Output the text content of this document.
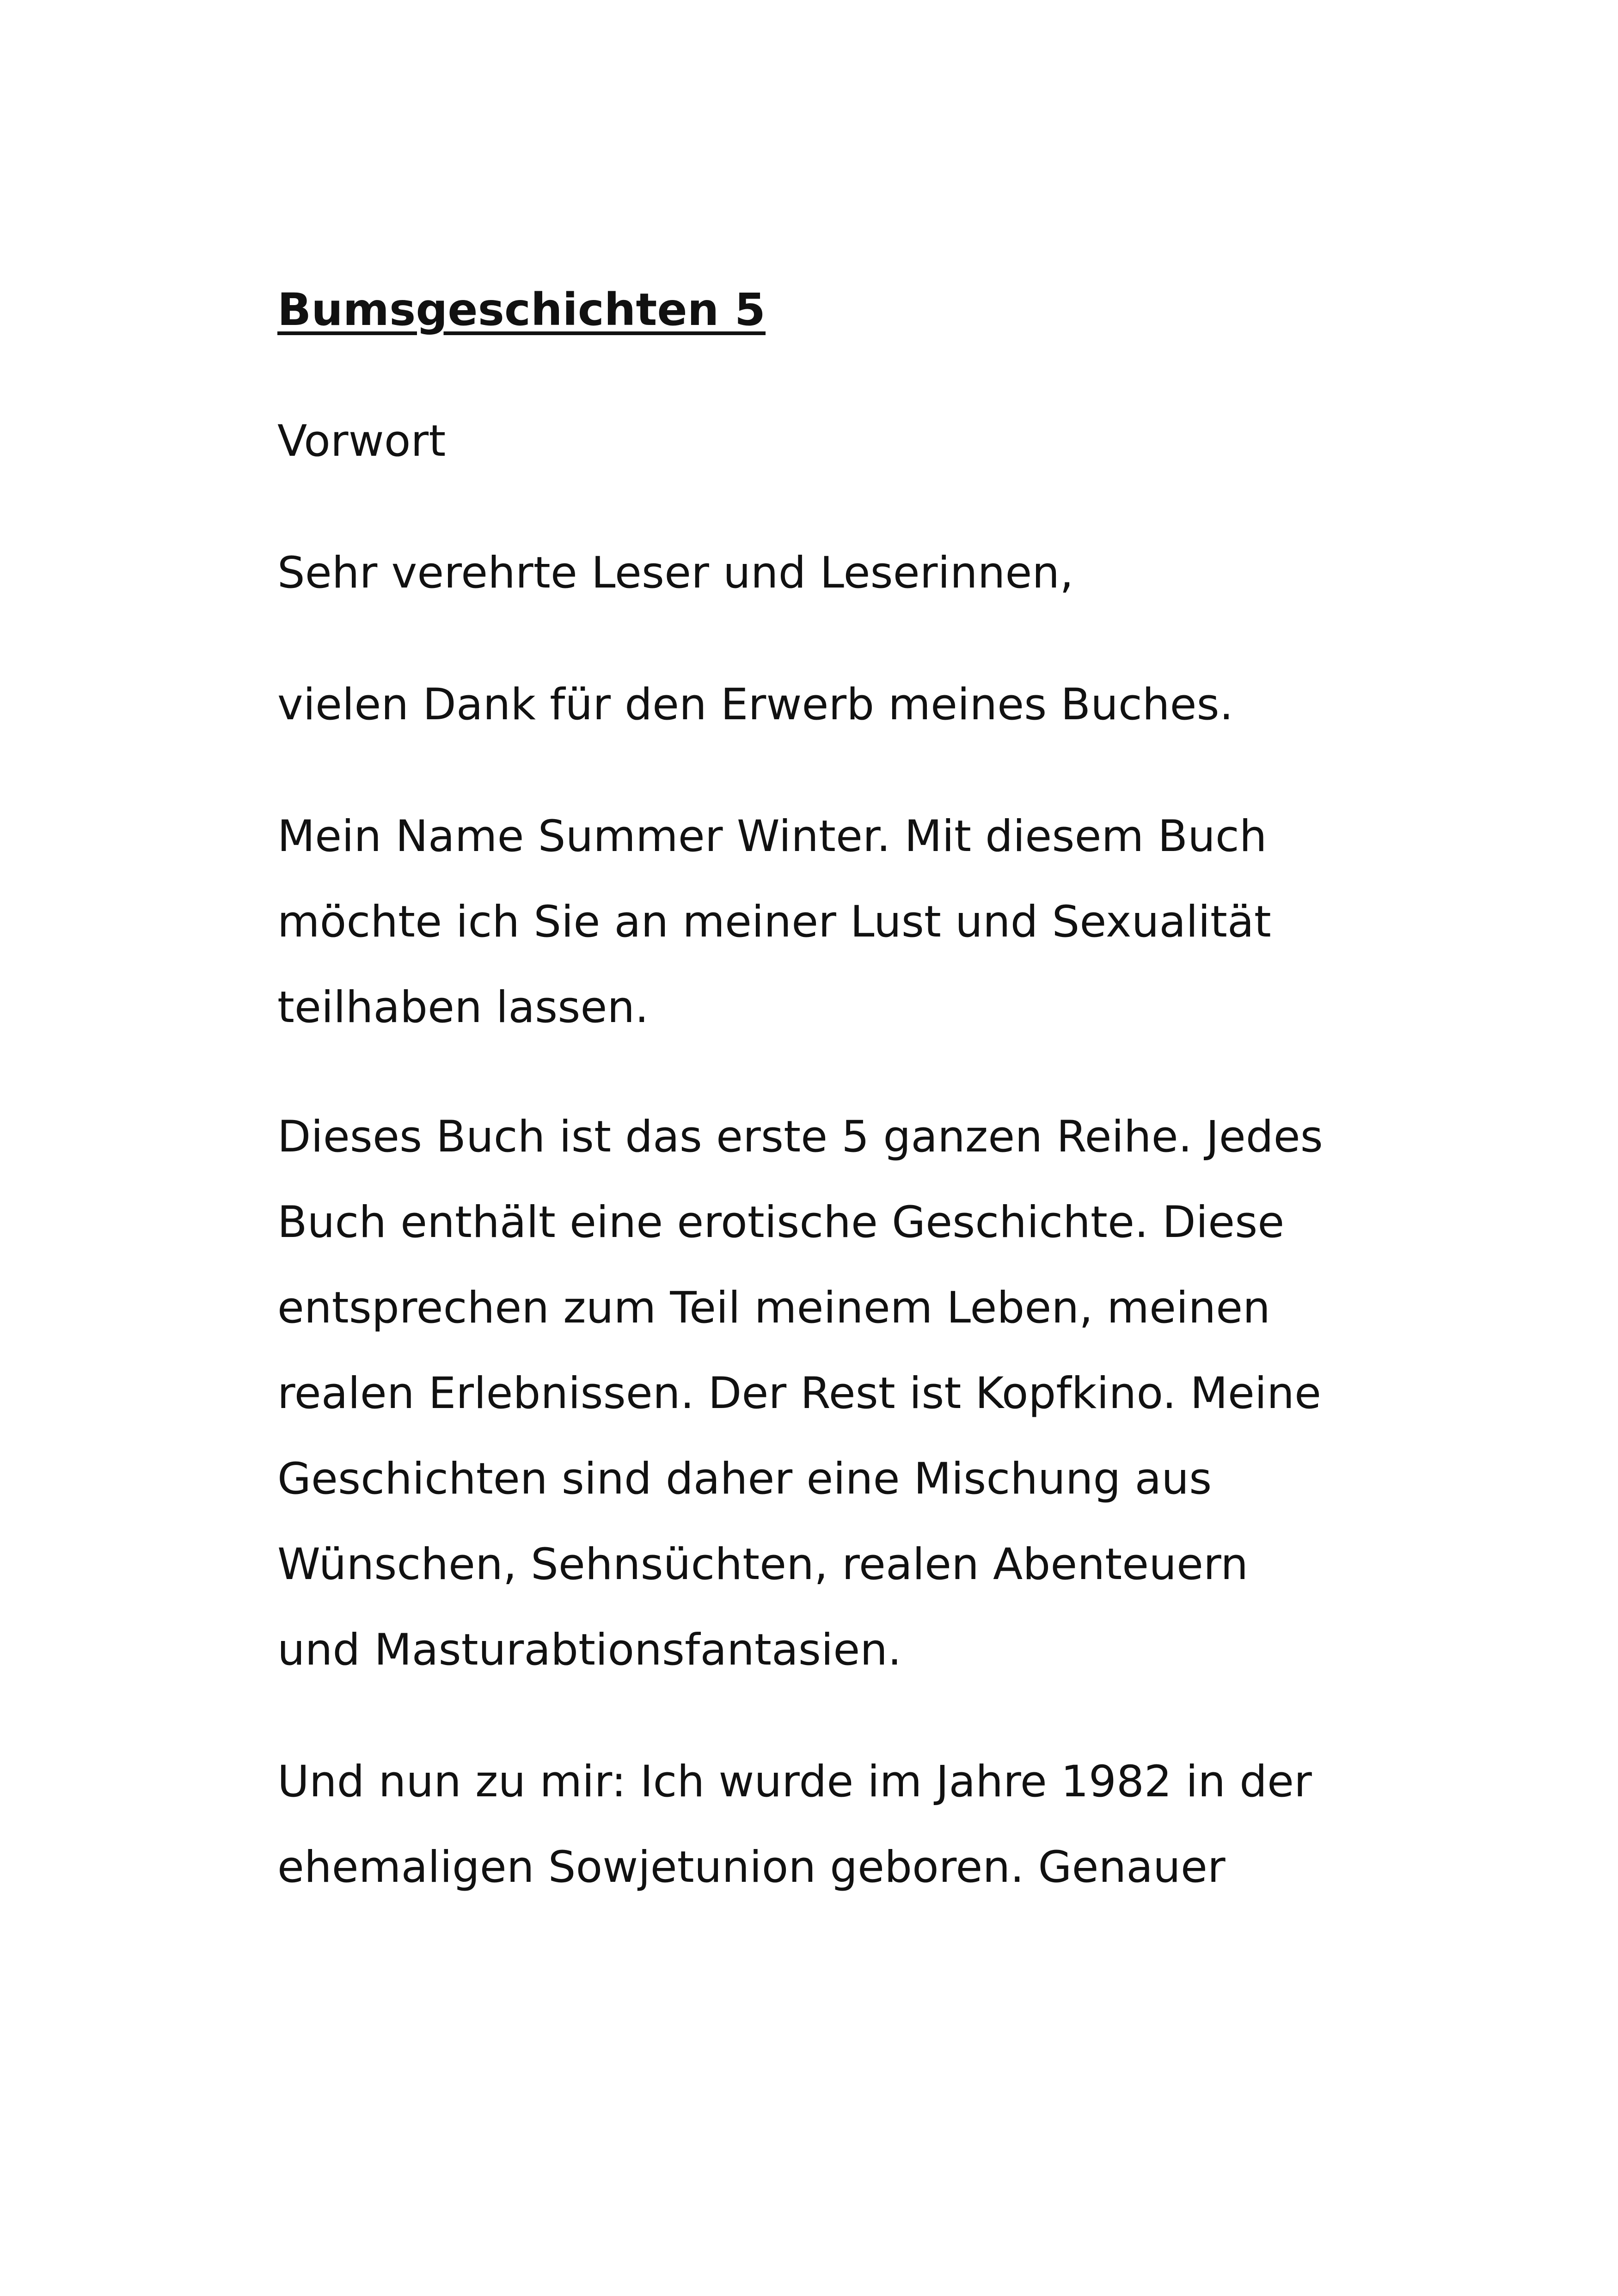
Bumsgeschichten 5
Vorwort
Sehr verehrte Leser und Leserinnen,
vielen Dank für den Erwerb meines Buches.
Mein Name Summer Winter. Mit diesem Buch
möchte ich Sie an meiner Lust und Sexualität
teilhaben lassen.
Dieses Buch ist das erste 5 ganzen Reihe. Jedes
Buch enthält eine erotische Geschichte. Diese
entsprechen zum Teil meinem Leben, meinen
realen Erlebnissen. Der Rest ist Kopfkino. Meine
Geschichten sind daher eine Mischung aus
Wünschen, Sehnsüchten, realen Abenteuern
und Masturabtionsfantasien.
Und nun zu mir: Ich wurde im Jahre 1982 in der
ehemaligen Sowjetunion geboren. Genauer
